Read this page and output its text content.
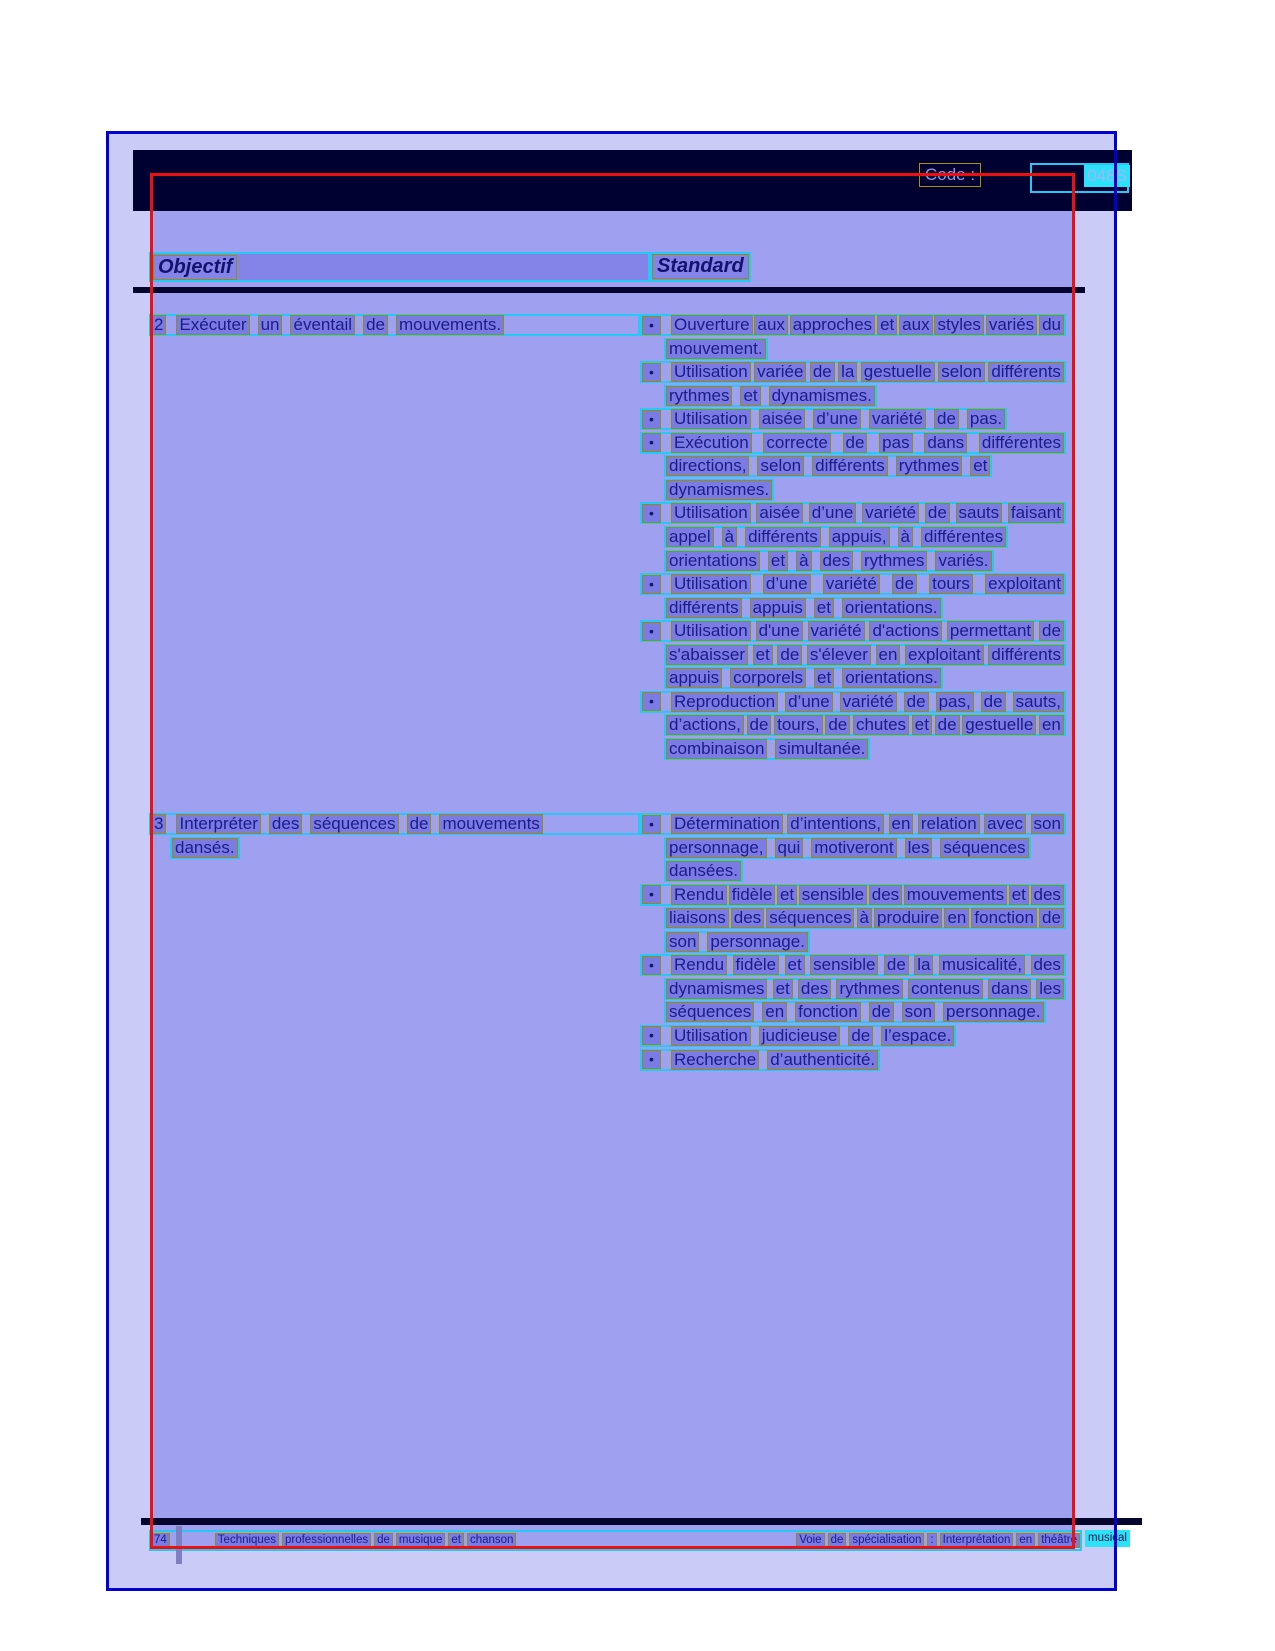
Code :	048S
Objectif	Standard
2 Exécuter un éventail de mouvements.	•	Ouverture aux approches et aux styles variés du
mouvement.
•	Utilisation variée de la gestuelle selon différents
rythmes et dynamismes.
•	Utilisation aisée d’une variété de pas.
•	Exécution correcte de pas dans différentes
directions, selon différents rythmes et
dynamismes.
•	Utilisation aisée d’une variété de sauts faisant
appel à différents appuis, à différentes
orientations et à des rythmes variés.
•	Utilisation d’une variété de tours exploitant
différents appuis et orientations.
•	Utilisation d'une variété d'actions permettant de
s'abaisser et de s'élever en exploitant différents
appuis corporels et orientations.
•	Reproduction d’une variété de pas, de sauts,
d’actions, de tours, de chutes et de gestuelle en
combinaison simultanée.
3 Interpréter des séquences de mouvements
dansés.
•	Détermination d’intentions, en relation avec son
personnage, qui motiveront les séquences
dansées.
•	Rendu fidèle et sensible des mouvements et des
liaisons des séquences à produire en fonction de
son personnage.
•	Rendu fidèle et sensible de la musicalité, des
dynamismes et des rythmes contenus dans les
séquences en fonction de son personnage.
•	Utilisation judicieuse de l’espace.
•	Recherche d’authenticité.
74	Techniques professionnelles de musique et chanson	Voie de spécialisation : Interprétation en théâtre musical
